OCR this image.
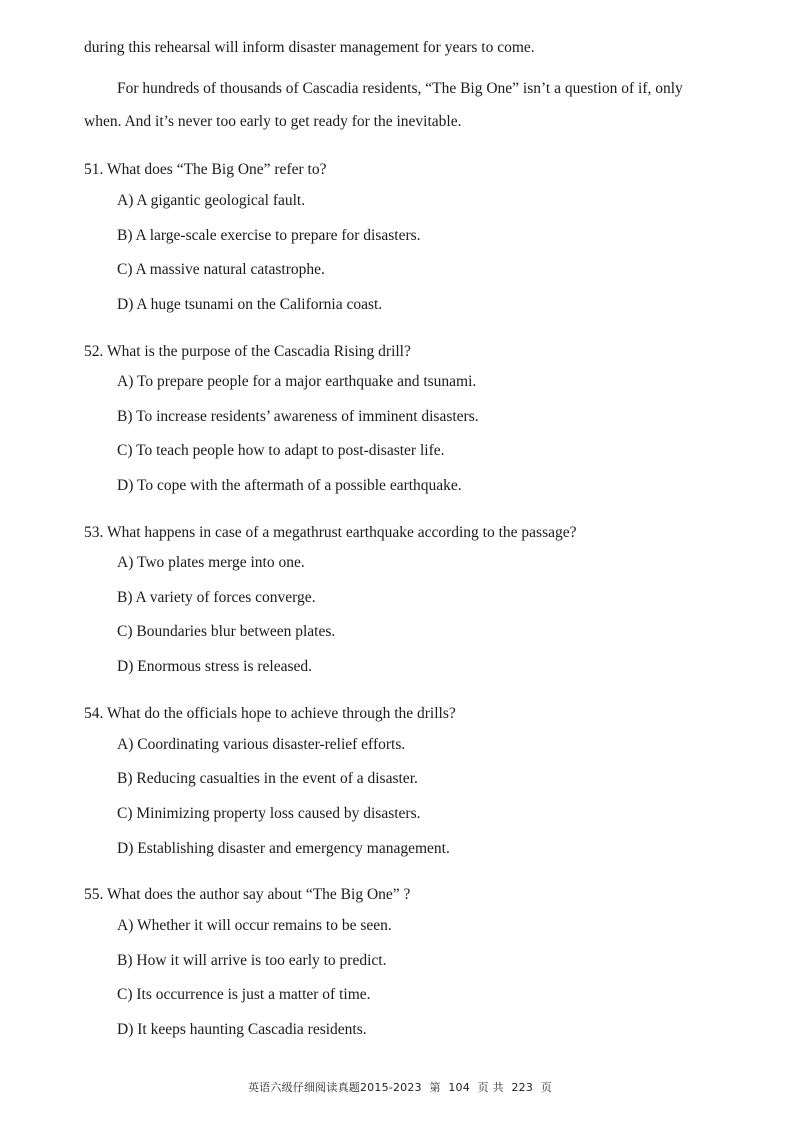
during this rehearsal will inform disaster management for years to come.
For hundreds of thousands of Cascadia residents, “The Big One” isn’t a question of if, only
when. And it’s never too early to get ready for the inevitable.
51. What does “The Big One” refer to?
A) A gigantic geological fault.
B) A large-scale exercise to prepare for disasters.
C) A massive natural catastrophe.
D) A huge tsunami on the California coast.
52. What is the purpose of the Cascadia Rising drill?
A) To prepare people for a major earthquake and tsunami.
B) To increase residents’ awareness of imminent disasters.
C) To teach people how to adapt to post-disaster life.
D) To cope with the aftermath of a possible earthquake.
53. What happens in case of a megathrust earthquake according to the passage?
A) Two plates merge into one.
B) A variety of forces converge.
C) Boundaries blur between plates.
D) Enormous stress is released.
54. What do the officials hope to achieve through the drills?
A) Coordinating various disaster-relief efforts.
B) Reducing casualties in the event of a disaster.
C) Minimizing property loss caused by disasters.
D) Establishing disaster and emergency management.
55. What does the author say about “The Big One” ?
A) Whether it will occur remains to be seen.
B) How it will arrive is too early to predict.
C) Its occurrence is just a matter of time.
D) It keeps haunting Cascadia residents.
英语六级仔细阅读真题2015-2023 第 104 页 共 223 页
